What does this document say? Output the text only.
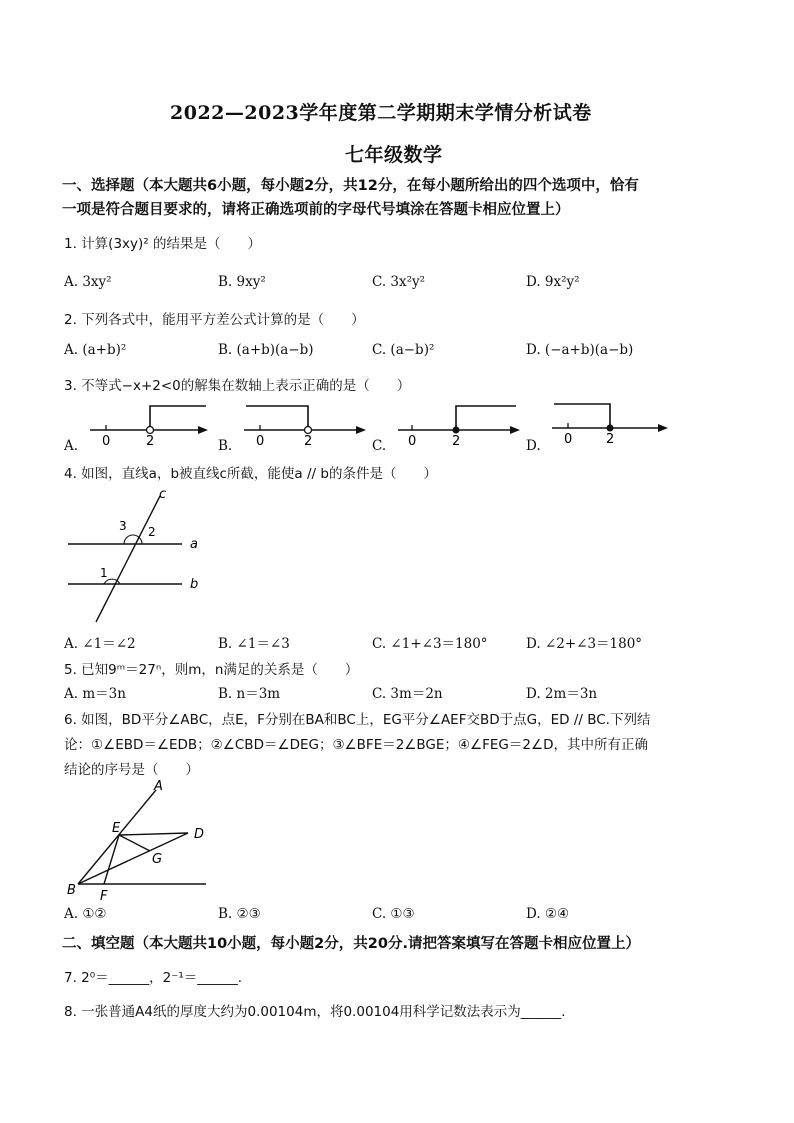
2022—2023学年度第二学期期末学情分析试卷
七年级数学
一、选择题（本大题共6小题，每小题2分，共12分，在每小题所给出的四个选项中，恰有
一项是符合题目要求的，请将正确选项前的字母代号填涂在答题卡相应位置上）
1. 计算(3xy)² 的结果是（　　）
A. 3xy²	B. 9xy²	C. 3x²y²	D. 9x²y²
2. 下列各式中，能用平方差公式计算的是（　　）
A. (a+b)²	B. (a+b)(a−b)	C. (a−b)²	D. (−a+b)(a−b)
3. 不等式−x+2<0的解集在数轴上表示正确的是（　　）
A.	B.	C.	D.
0	2	0	2	0	2	0	2
4. 如图，直线a，b被直线c所截，能使a // b的条件是（　　）
c
a
b
3 2
1
A. ∠1＝∠2	B. ∠1＝∠3	C. ∠1+∠3＝180°	D. ∠2+∠3＝180°
5. 已知9ᵐ＝27ⁿ，则m，n满足的关系是（　　）
A. m＝3n	B. n＝3m	C. 3m＝2n	D. 2m＝3n
6. 如图，BD平分∠ABC，点E，F分别在BA和BC上，EG平分∠AEF交BD于点G，ED // BC.下列结
论：①∠EBD＝∠EDB；②∠CBD＝∠DEG；③∠BFE＝2∠BGE；④∠FEG＝2∠D，其中所有正确
结论的序号是（　　）
A
E	D
G
B F
A. ①②	B. ②③	C. ①③	D. ②④
二、填空题（本大题共10小题，每小题2分，共20分.请把答案填写在答题卡相应位置上）
7. 2⁰＝______，2⁻¹＝______.
8. 一张普通A4纸的厚度大约为0.00104m，将0.00104用科学记数法表示为______.
